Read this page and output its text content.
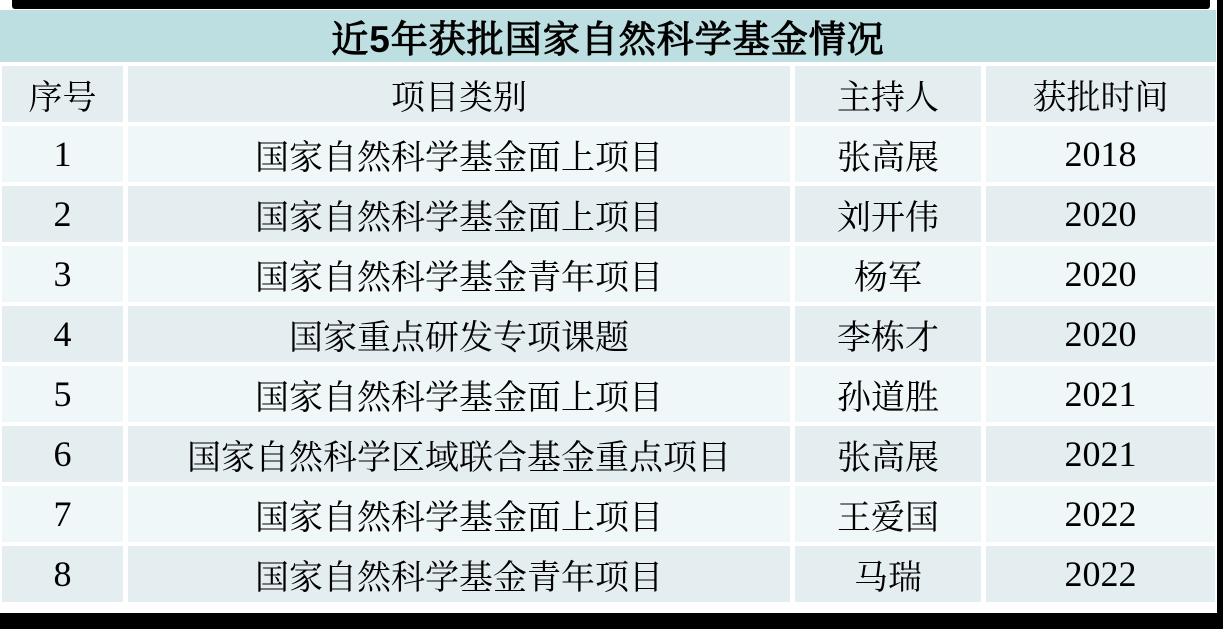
近5年获批国家自然科学基金情况
序号	项目类别	主持人	获批时间
1	国家自然科学基金面上项目	张高展	2018
2	国家自然科学基金面上项目	刘开伟	2020
3	国家自然科学基金青年项目	杨军	2020
4	国家重点研发专项课题	李栋才	2020
5	国家自然科学基金面上项目	孙道胜	2021
6	国家自然科学区域联合基金重点项目	张高展	2021
7	国家自然科学基金面上项目	王爱国	2022
8	国家自然科学基金青年项目	马瑞	2022
